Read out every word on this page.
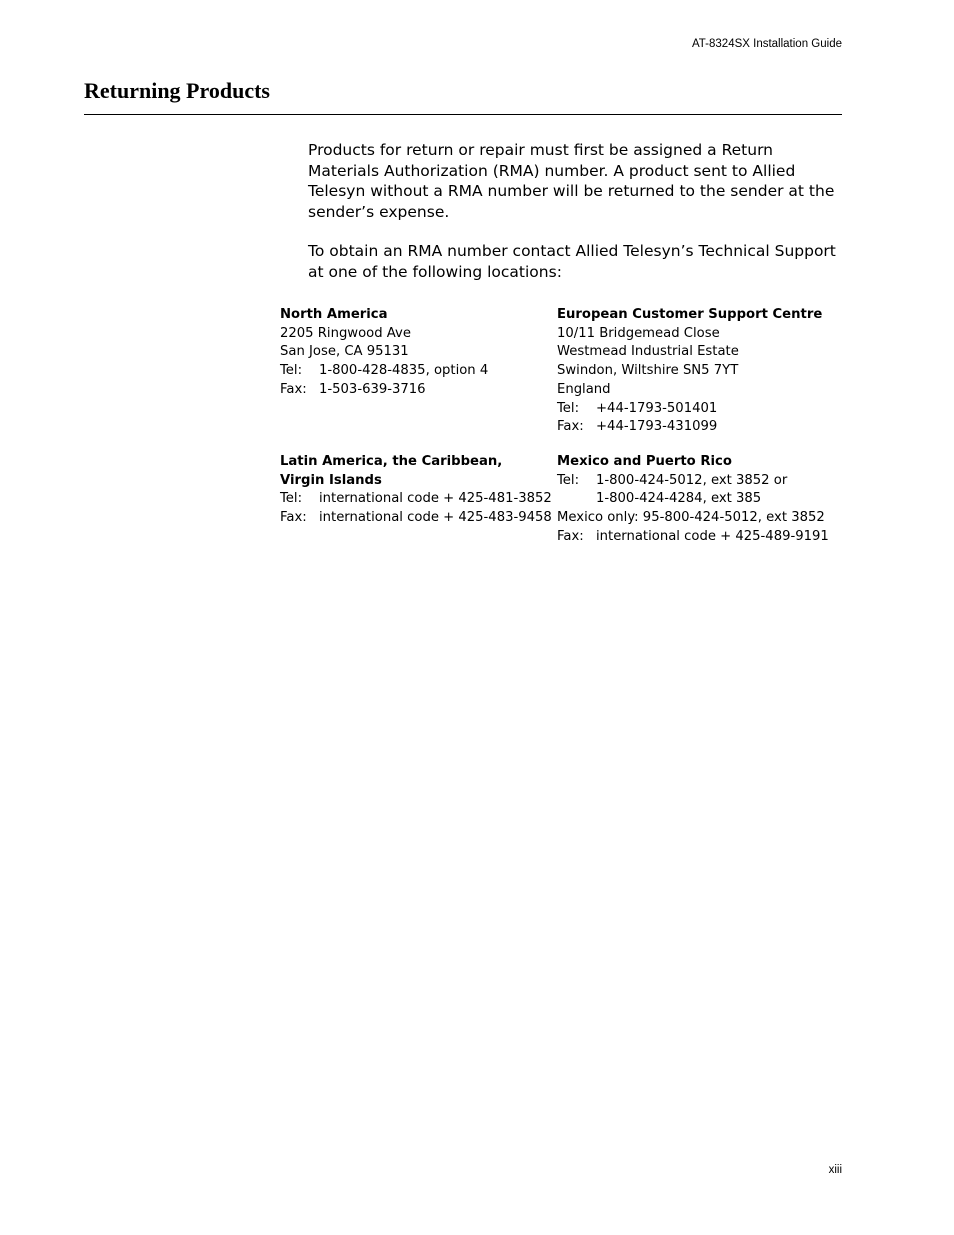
AT-8324SX Installation Guide
Returning Products

Products for return or repair must first be assigned a Return Materials Authorization (RMA) number. A product sent to Allied Telesyn without a RMA number will be returned to the sender at the sender’s expense.

To obtain an RMA number contact Allied Telesyn’s Technical Support at one of the following locations:

North America
2205 Ringwood Ave
San Jose, CA 95131
Tel:	1-800-428-4835, option 4
Fax: 1-503-639-3716
European Customer Support Centre
10/11 Bridgemead Close
Westmead Industrial Estate
Swindon, Wiltshire SN5 7YT
England
Tel:	+44-1793-501401
Fax: +44-1793-431099
Latin America, the Caribbean,
Virgin Islands
Tel:	international code + 425-481-3852
Fax: international code + 425-483-9458
Mexico and Puerto Rico
Tel:	1-800-424-5012, ext 3852 or
1-800-424-4284, ext 385
Mexico only: 95-800-424-5012, ext 3852
Fax: international code + 425-489-9191
xiii
